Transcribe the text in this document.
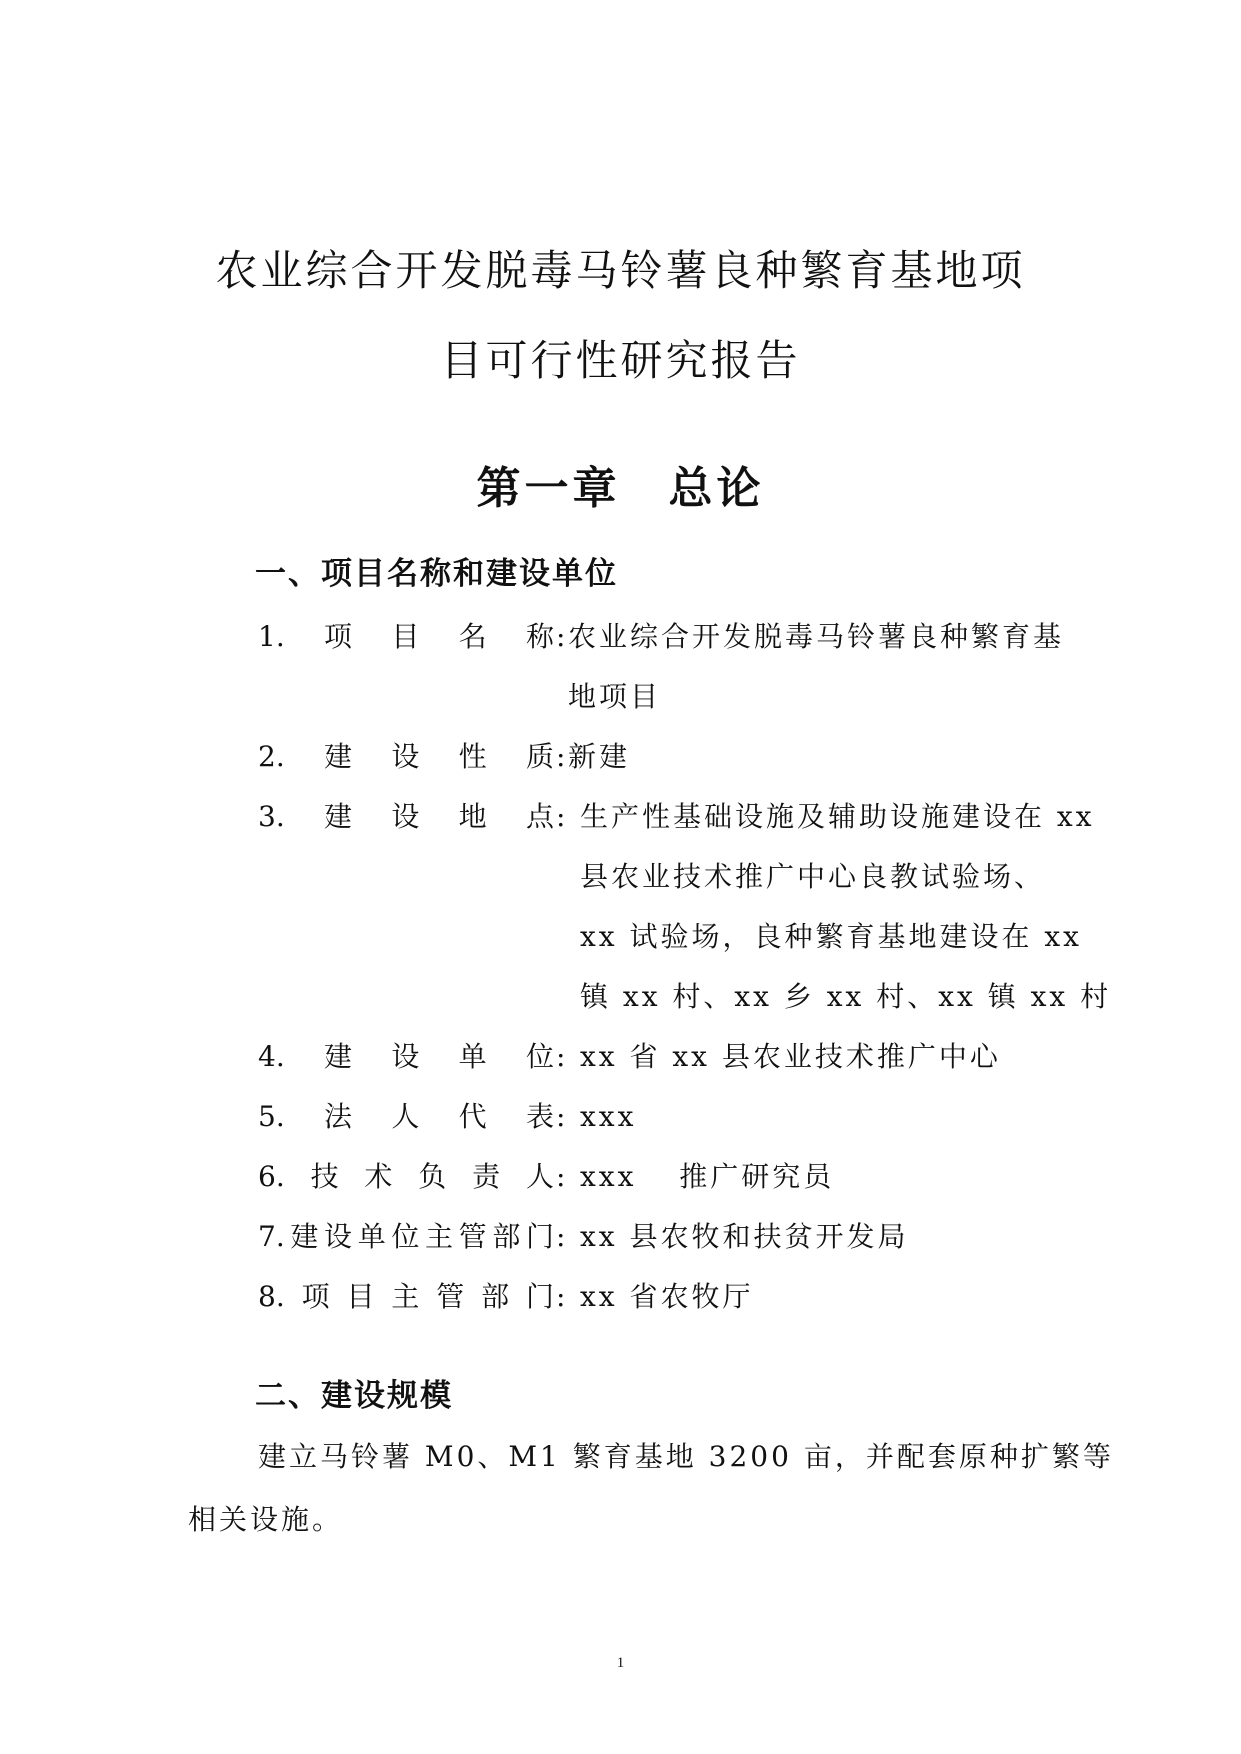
农业综合开发脱毒马铃薯良种繁育基地项
目可行性研究报告
第一章　总论
一、项目名称和建设单位
1.项目名称 : 农业综合开发脱毒马铃薯良种繁育基
地项目
2.建设性质 : 新建
3.建设地点 : 生产性基础设施及辅助设施建设在 xx
县农业技术推广中心良教试验场、
xx 试验场，良种繁育基地建设在 xx
镇 xx 村、xx 乡 xx 村、xx 镇 xx 村
4.建设单位 : xx 省 xx 县农业技术推广中心
5.法人代表 : xxx
6.技术负责人 : xxx　 推广研究员
7.建设单位主管部门 : xx 县农牧和扶贫开发局
8.项目主管部门 : xx 省农牧厅
二、建设规模
建立马铃薯 M0、M1 繁育基地 3200 亩，并配套原种扩繁等
相关设施。
1
